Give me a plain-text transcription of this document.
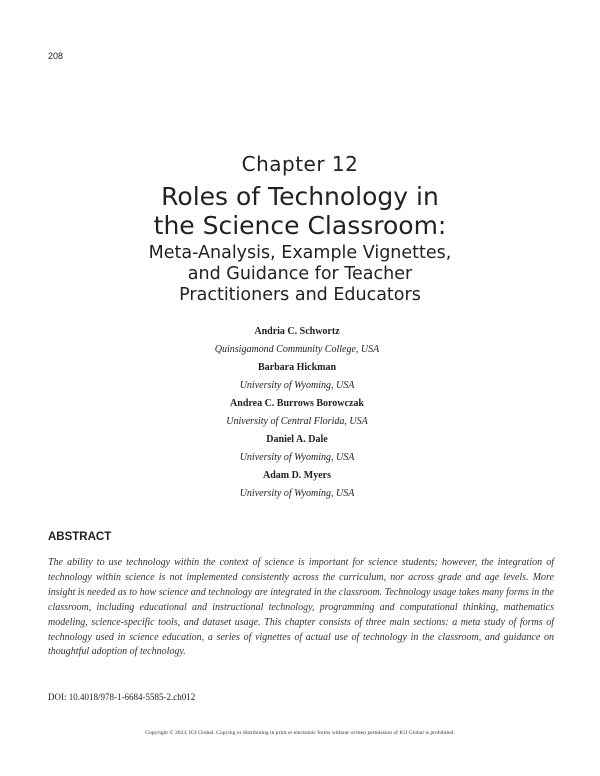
208
Chapter 12
Roles of Technology in
the Science Classroom:
Meta-Analysis, Example Vignettes,
and Guidance for Teacher
Practitioners and Educators
Andria C. Schwortz
Quinsigamond Community College, USA
Barbara Hickman
University of Wyoming, USA
Andrea C. Burrows Borowczak
University of Central Florida, USA
Daniel A. Dale
University of Wyoming, USA
Adam D. Myers
University of Wyoming, USA
ABSTRACT
The ability to use technology within the context of science is important for science students; however, the integration of technology within science is not implemented consistently across the curriculum, nor across grade and age levels. More insight is needed as to how science and technology are integrated in the classroom. Technology usage takes many forms in the classroom, including educational and instructional technology, programming and computational thinking, mathematics modeling, science-specific tools, and dataset usage. This chapter consists of three main sections: a meta study of forms of technology used in science education, a series of vignettes of actual use of technology in the classroom, and guidance on thoughtful adoption of technology.
DOI: 10.4018/978-1-6684-5585-2.ch012
Copyright © 2023, IGI Global. Copying or distributing in print or electronic forms without written permission of IGI Global is prohibited.
